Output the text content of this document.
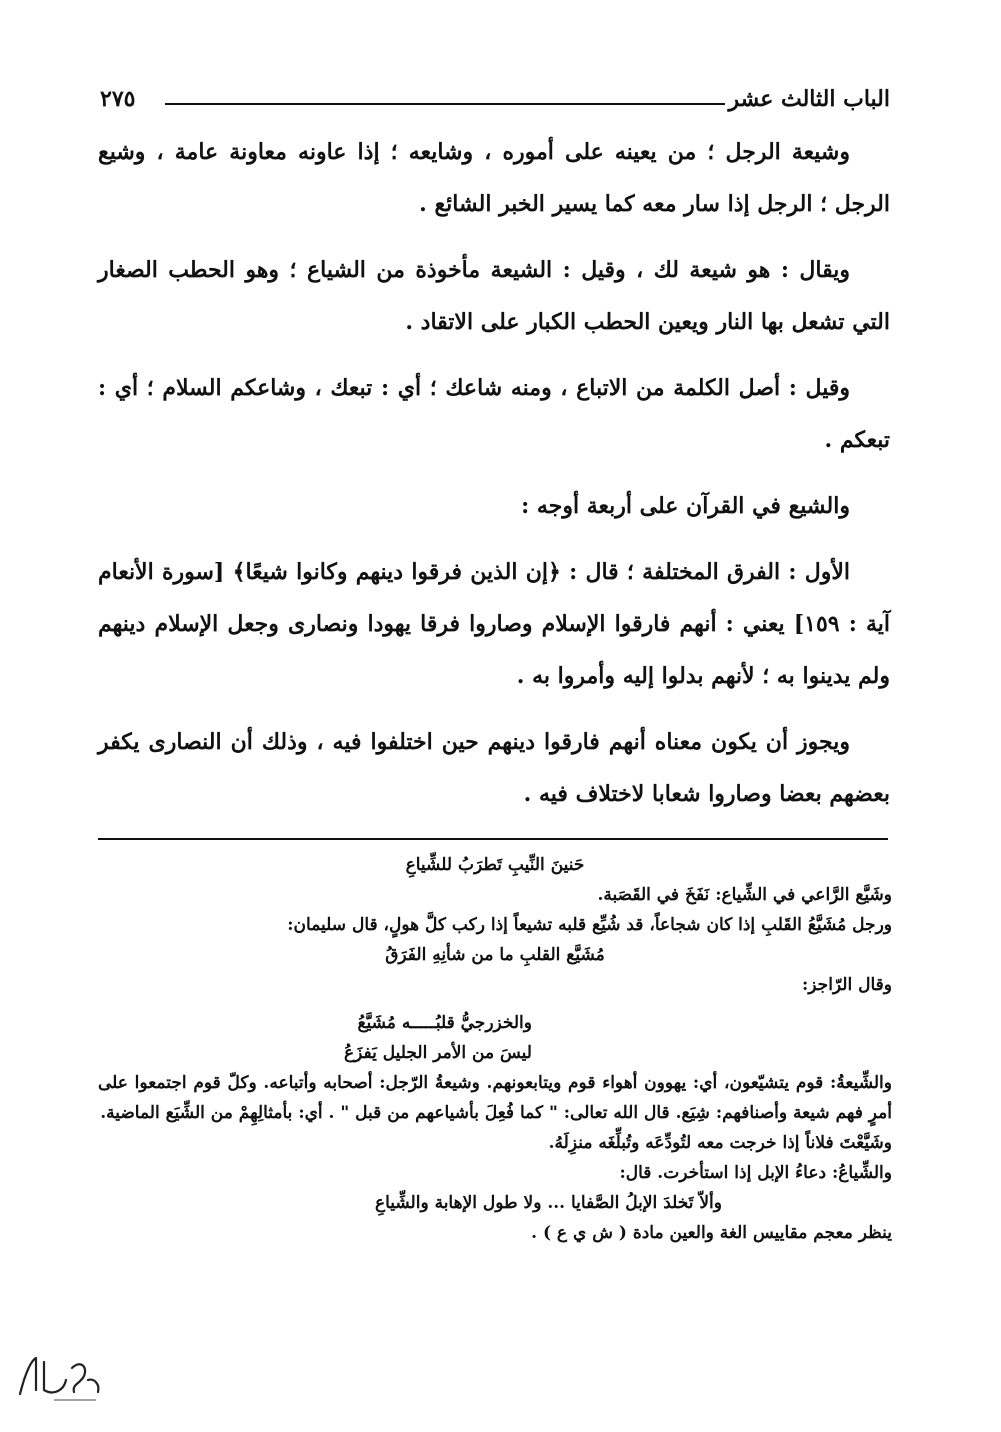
الباب الثالث عشر
٢٧٥

وشيعة الرجل ؛ من يعينه على أموره ، وشايعه ؛ إذا عاونه معاونة عامة ، وشيع الرجل ؛ الرجل إذا سار معه كما يسير الخبر الشائع .

ويقال : هو شيعة لك ، وقيل : الشيعة مأخوذة من الشياع ؛ وهو الحطب الصغار التي تشعل بها النار ويعين الحطب الكبار على الاتقاد .

وقيل : أصل الكلمة من الاتباع ، ومنه شاعك ؛ أي : تبعك ، وشاعكم السلام ؛ أي : تبعكم .

والشيع في القرآن على أربعة أوجه :

الأول : الفرق المختلفة ؛ قال : ﴿إن الذين فرقوا دينهم وكانوا شيعًا﴾ [سورة الأنعام آية : ١٥٩] يعني : أنهم فارقوا الإسلام وصاروا فرقا يهودا ونصارى وجعل الإسلام دينهم ولم يدينوا به ؛ لأنهم بدلوا إليه وأمروا به .

ويجوز أن يكون معناه أنهم فارقوا دينهم حين اختلفوا فيه ، وذلك أن النصارى يكفر بعضهم بعضا وصاروا شعابا لاختلاف فيه .

حَنينَ النِّيبِ تَطرَبُ للشِّياعِ

وشَيَّع الرَّاعي في الشِّياع: نَفَخَ في القَصَبة.

ورجل مُشَيَّعُ القَلبِ إذا كان شجاعاً، قد شُيِّع قلبه تشيعاً إذا ركب كلَّ هولٍ، قال سليمان:

مُشَيَّع القلبِ ما من شأنِهِ الفَرَقُ

وقال الرّاجز:

والخزرجيُّ قلبُـــــه مُشَيَّعُ

ليسَ من الأمر الجليل يَفزَعُ

والشِّيعةُ: قوم يتشيّعون، أي: يهوون أهواء قوم ويتابعونهم. وشيعةُ الرّجل: أصحابه وأتباعه. وكلّ قوم اجتمعوا على أمرٍ فهم شيعة وأصنافهم: شِيَع. قال الله تعالى: " كما فُعِلَ بأشياعهم من قبل " . أي: بأمثالِهِمْ من الشِّيَع الماضية.

وشَيَّعْتَ فلاناً إذا خرجت معه لتُودِّعَه وتُبلِّغَه منزِلَهُ.

والشِّياعُ: دعاءُ الإبل إذا استأخرت. قال:

وألاّ تَخلدَ الإبلُ الصَّفايا ... ولا طول الإهابة والشِّياعِ

ينظر معجم مقاييس الغة والعين مادة ( ش ي ع ) .
